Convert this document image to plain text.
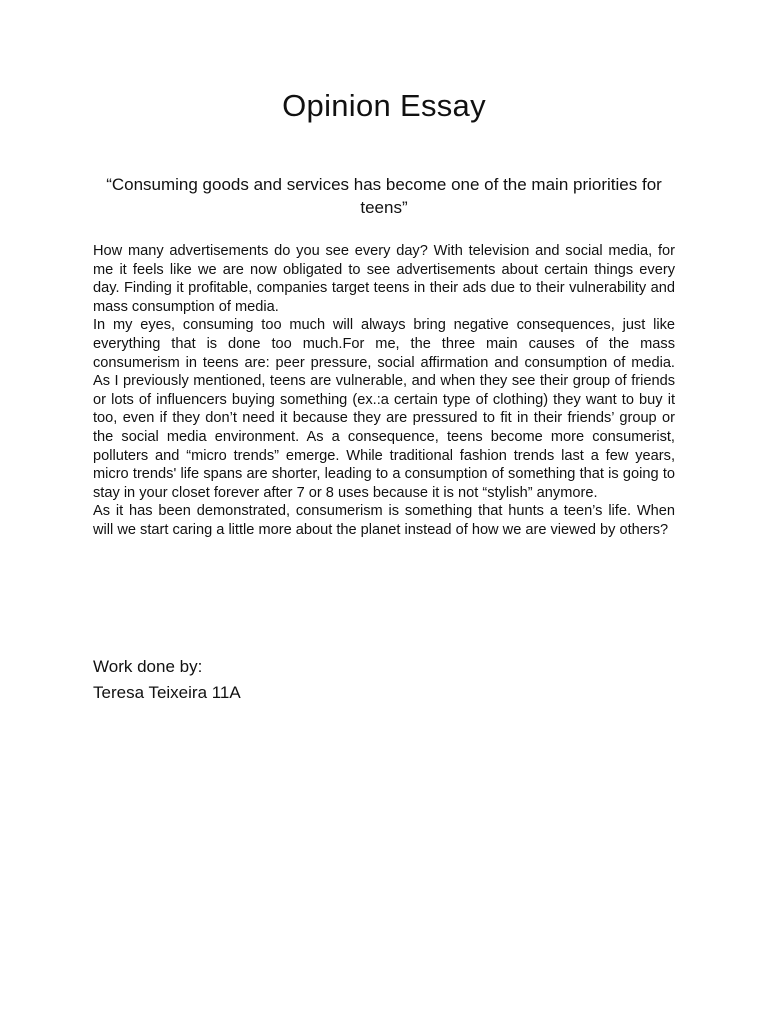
Opinion Essay
“Consuming goods and services has become one of the main priorities for teens”

How many advertisements do you see every day? With television and social media, for me it feels like we are now obligated to see advertisements about certain things every day. Finding it profitable, companies target teens in their ads due to their vulnerability and mass consumption of media.

In my eyes, consuming too much will always bring negative consequences, just like everything that is done too much.For me, the three main causes of the mass consumerism in teens are: peer pressure, social affirmation and consumption of media. As I previously mentioned, teens are vulnerable, and when they see their group of friends or lots of influencers buying something (ex.:a certain type of clothing) they want to buy it too, even if they don’t need it because they are pressured to fit in their friends’ group or the social media environment. As a consequence, teens become more consumerist, polluters and “micro trends” emerge. While traditional fashion trends last a few years, micro trends' life spans are shorter, leading to a consumption of something that is going to stay in your closet forever after 7 or 8 uses because it is not “stylish” anymore.

As it has been demonstrated, consumerism is something that hunts a teen’s life. When will we start caring a little more about the planet instead of how we are viewed by others?

Work done by:
Teresa Teixeira 11A
